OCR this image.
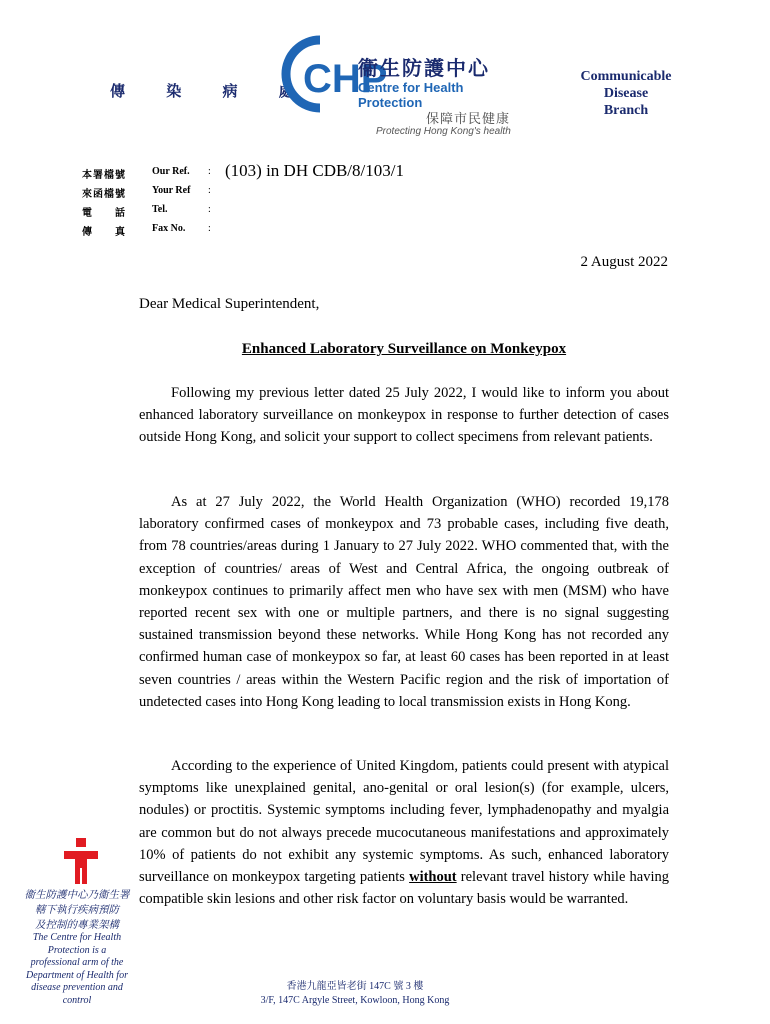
傳 染 病 處
CHP
衞生防護中心
Centre for Health Protection
保障市民健康
Protecting Hong Kong's health
Communicable
Disease
Branch
本署檔號	Our Ref. : (103) in DH CDB/8/103/1
來函檔號	Your Ref :
電　　話	Tel.	:
傳　　真	Fax No. :
2 August 2022
Dear Medical Superintendent,
Enhanced Laboratory Surveillance on Monkeypox

Following my previous letter dated 25 July 2022, I would like to inform you about enhanced laboratory surveillance on monkeypox in response to further detection of cases outside Hong Kong, and solicit your support to collect specimens from relevant patients.

As at 27 July 2022, the World Health Organization (WHO) recorded 19,178 laboratory confirmed cases of monkeypox and 73 probable cases, including five death, from 78 countries/areas during 1 January to 27 July 2022. WHO commented that, with the exception of countries/ areas of West and Central Africa, the ongoing outbreak of monkeypox continues to primarily affect men who have sex with men (MSM) who have reported recent sex with one or multiple partners, and there is no signal suggesting sustained transmission beyond these networks. While Hong Kong has not recorded any confirmed human case of monkeypox so far, at least 60 cases has been reported in at least seven countries / areas within the Western Pacific region and the risk of importation of undetected cases into Hong Kong leading to local transmission exists in Hong Kong.

According to the experience of United Kingdom, patients could present with atypical symptoms like unexplained genital, ano-genital or oral lesion(s) (for example, ulcers, nodules) or proctitis. Systemic symptoms including fever, lymphadenopathy and myalgia are common but do not always precede mucocutaneous manifestations and approximately 10% of patients do not exhibit any systemic symptoms. As such, enhanced laboratory surveillance on monkeypox targeting patients without relevant travel history while having compatible skin lesions and other risk factor on voluntary basis would be warranted.

衞生防護中心乃衞生署
轄下執行疾病預防
及控制的專業架構
The Centre for Health
Protection is a
professional arm of the
Department of Health for
disease prevention and
control
香港九龍亞皆老街 147C 號 3 樓
3/F, 147C Argyle Street, Kowloon, Hong Kong
